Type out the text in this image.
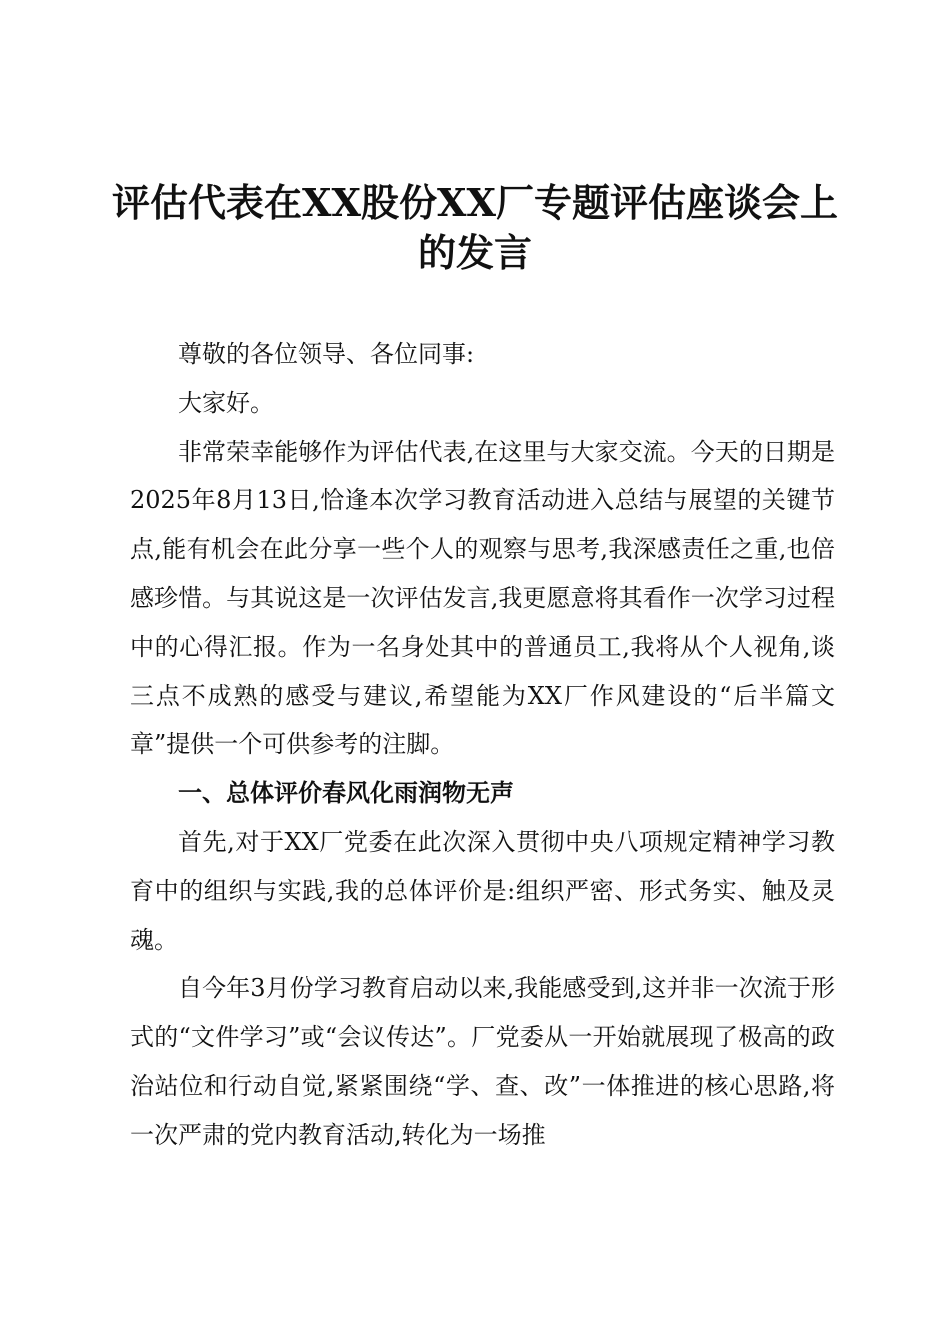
评估代表在XX股份XX厂专题评估座谈会上的发言

尊敬的各位领导、各位同事:

大家好。

非常荣幸能够作为评估代表,在这里与大家交流。今天的日期是2025年8月13日,恰逢本次学习教育活动进入总结与展望的关键节点,能有机会在此分享一些个人的观察与思考,我深感责任之重,也倍感珍惜。与其说这是一次评估发言,我更愿意将其看作一次学习过程中的心得汇报。作为一名身处其中的普通员工,我将从个人视角,谈三点不成熟的感受与建议,希望能为XX厂作风建设的“后半篇文章”提供一个可供参考的注脚。

一、总体评价春风化雨润物无声

首先,对于XX厂党委在此次深入贯彻中央八项规定精神学习教育中的组织与实践,我的总体评价是:组织严密、形式务实、触及灵魂。

自今年3月份学习教育启动以来,我能感受到,这并非一次流于形式的“文件学习”或“会议传达”。厂党委从一开始就展现了极高的政治站位和行动自觉,紧紧围绕“学、查、改”一体推进的核心思路,将一次严肃的党内教育活动,转化为一场推
